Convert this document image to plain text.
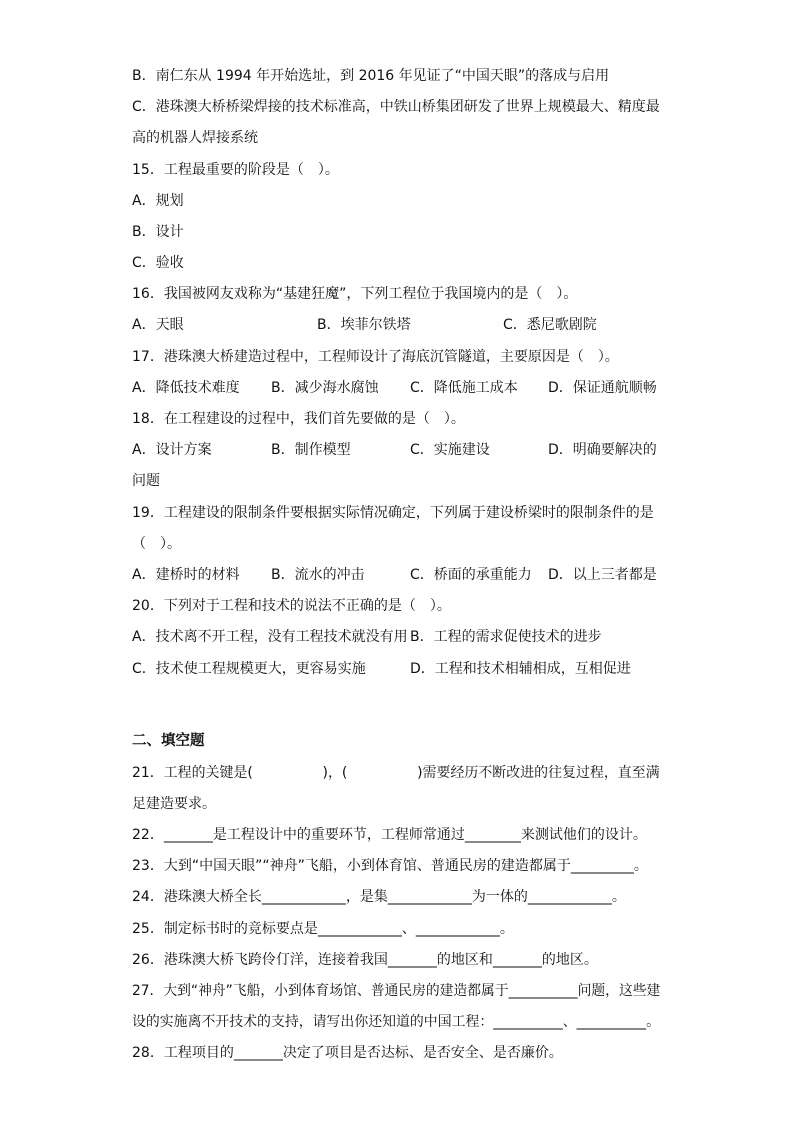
B．南仁东从 1994 年开始选址，到 2016 年见证了“中国天眼”的落成与启用
C．港珠澳大桥桥梁焊接的技术标准高，中铁山桥集团研发了世界上规模最大、精度最
高的机器人焊接系统
15．工程最重要的阶段是（　）。
A．规划
B．设计
C．验收
16．我国被网友戏称为“基建狂魔”，下列工程位于我国境内的是（　）。
A．天眼	B．埃菲尔铁塔	C．悉尼歌剧院
17．港珠澳大桥建造过程中，工程师设计了海底沉管隧道，主要原因是（　）。
A．降低技术难度 B．减少海水腐蚀 C．降低施工成本 D．保证通航顺畅
18．在工程建设的过程中，我们首先要做的是（　）。
A．设计方案	B．制作模型	C．实施建设	D．明确要解决的
问题
19．工程建设的限制条件要根据实际情况确定，下列属于建设桥梁时的限制条件的是
（　）。
A．建桥时的材料 B．流水的冲击	C．桥面的承重能力 D．以上三者都是
20．下列对于工程和技术的说法不正确的是（　）。
A．技术离不开工程，没有工程技术就没有用 B．工程的需求促使技术的进步
C．技术使工程规模更大，更容易实施	D．工程和技术相辅相成，互相促进
二、填空题
21．工程的关键是(　　　　　)，(　　　　　)需要经历不断改进的往复过程，直至满
足建造要求。
22．_______是工程设计中的重要环节，工程师常通过________来测试他们的设计。
23．大到“中国天眼”“神舟”飞船，小到体育馆、普通民房的建造都属于_________。
24．港珠澳大桥全长____________，是集____________为一体的____________。
25．制定标书时的竞标要点是____________、____________。
26．港珠澳大桥飞跨伶仃洋，连接着我国_______的地区和_______的地区。
27．大到“神舟”飞船，小到体育场馆、普通民房的建造都属于__________问题，这些建
设的实施离不开技术的支持，请写出你还知道的中国工程：__________、__________。
28．工程项目的_______决定了项目是否达标、是否安全、是否廉价。
